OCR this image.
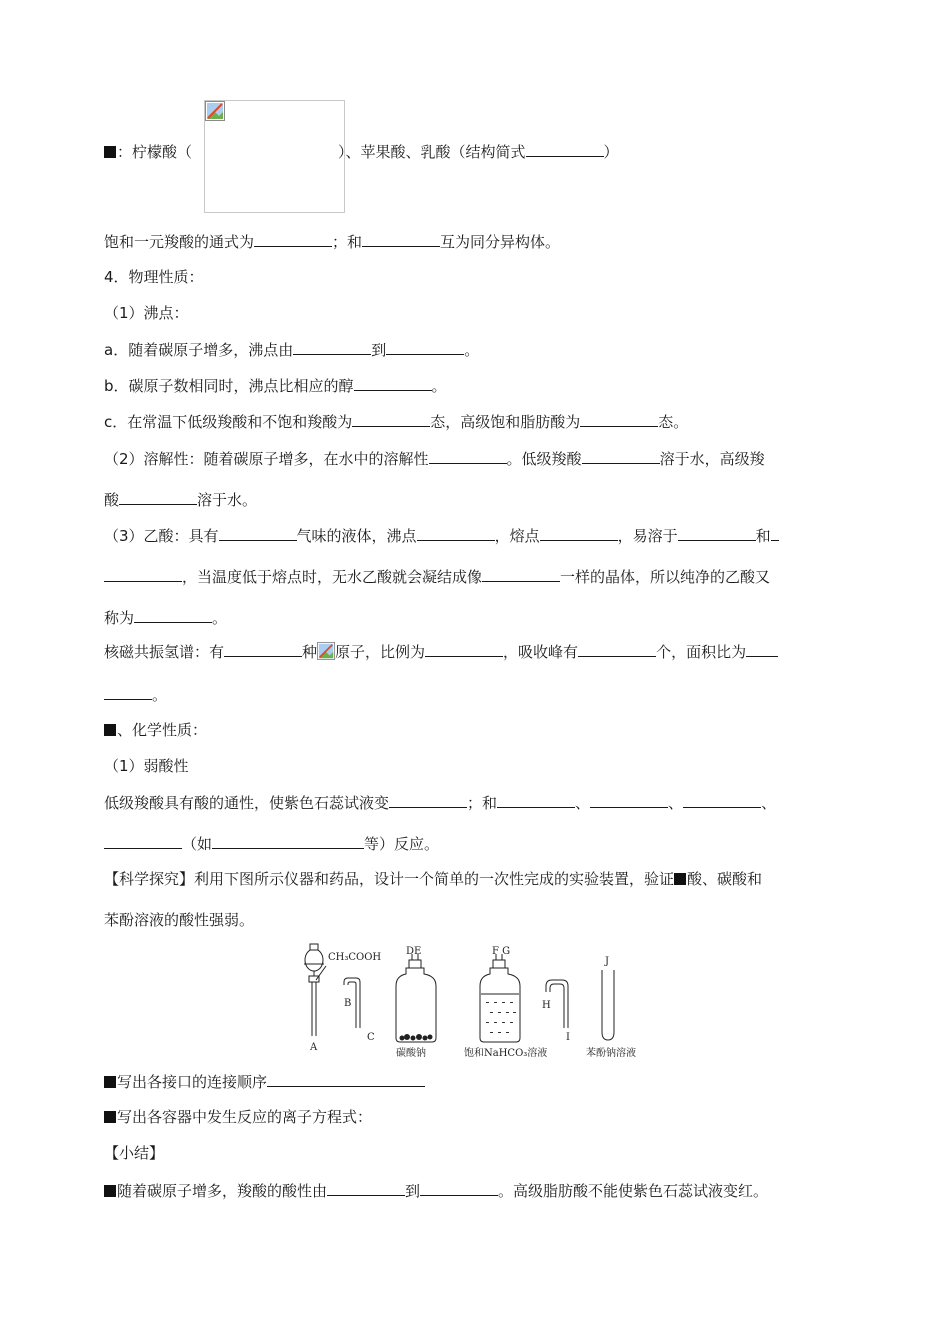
：柠檬酸（	）、苹果酸、乳酸（结构简式	）
饱和一元羧酸的通式为	；和	互为同分异构体。
4．物理性质：
（1）沸点：
a．随着碳原子增多，沸点由	到	。
b．碳原子数相同时，沸点比相应的醇	。
c．在常温下低级羧酸和不饱和羧酸为	态，高级饱和脂肪酸为	态。
（2）溶解性：随着碳原子增多，在水中的溶解性	。低级羧酸	溶于水，高级羧
酸	溶于水。
（3）乙酸：具有	气味的液体，沸点	，熔点	，易溶于	和
，当温度低于熔点时，无水乙酸就会凝结成像	一样的晶体，所以纯净的乙酸又
称为	。
核磁共振氢谱：有	种 原子，比例为	，吸收峰有	个，面积比为
。
、化学性质：
（1）弱酸性
低级羧酸具有酸的通性，使紫色石蕊试液变	；和	、	、	、
（如	等）反应。
【科学探究】利用下图所示仪器和药品，设计一个简单的一次性完成的实验装置，验证 酸、碳酸和
苯酚溶液的酸性强弱。
CH₃COOH
A
B
C
DE	F G
H
I
J
碳酸钠	饱和NaHCO₃溶液	苯酚钠溶液
写出各接口的连接顺序
写出各容器中发生反应的离子方程式：
【小结】
随着碳原子增多，羧酸的酸性由	到	。高级脂肪酸不能使紫色石蕊试液变红。
